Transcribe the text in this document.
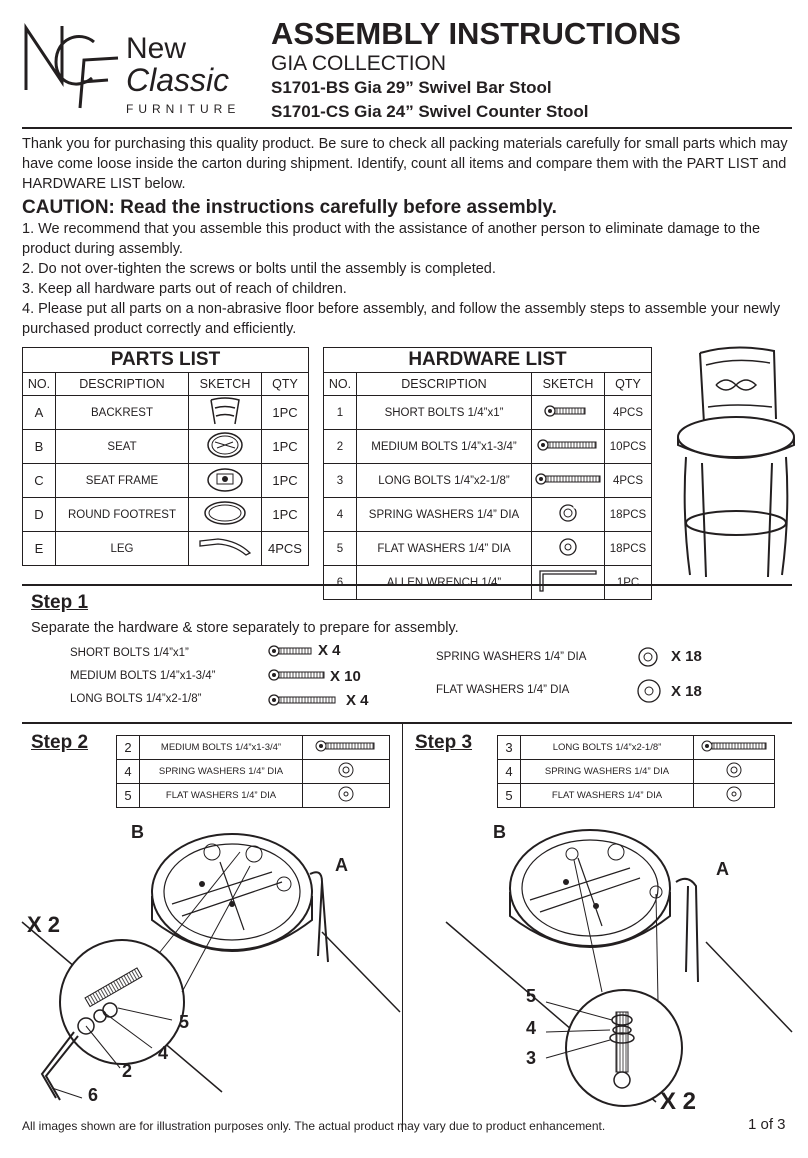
New
Classic
FURNITURE
ASSEMBLY INSTRUCTIONS
GIA COLLECTION
S1701-BS Gia 29” Swivel Bar Stool
S1701-CS Gia 24” Swivel Counter Stool

Thank you for purchasing this quality product. Be sure to check all packing materials carefully for small parts which may have come loose inside the carton during shipment. Identify, count all items and compare them with the PART LIST and HARDWARE LIST below.

CAUTION: Read the instructions carefully before assembly.
1. We recommend that you assemble this product with the assistance of another person to eliminate damage to the product during assembly.
2. Do not over-tighten the screws or bolts until the assembly is completed.
3. Keep all hardware parts out of reach of children.
4. Please put all parts on a non-abrasive floor before assembly, and follow the assembly steps to assemble your newly purchased product correctly and efficiently.
PARTS LIST			
NO.	DESCRIPTION	SKETCH	QTY
A	BACKREST		1PC
B	SEAT		1PC
C	SEAT FRAME		1PC
D	ROUND FOOTREST		1PC
E	LEG		4PCS
HARDWARE LIST			
NO.	DESCRIPTION	SKETCH	QTY
1	SHORT BOLTS 1/4”x1”		4PCS
2	MEDIUM BOLTS 1/4”x1-3/4”		10PCS
3	LONG BOLTS 1/4”x2-1/8”		4PCS
4	SPRING WASHERS 1/4” DIA		18PCS
5	FLAT WASHERS 1/4” DIA		18PCS
6	ALLEN WRENCH 1/4”		1PC
Step 1
Separate the hardware & store separately to prepare for assembly.
SHORT BOLTS 1/4”x1”	X 4
MEDIUM BOLTS 1/4”x1-3/4”	X 10
LONG BOLTS 1/4”x2-1/8”	X 4
SPRING WASHERS 1/4” DIA	X 18
FLAT WASHERS 1/4” DIA	X 18
Step 2	Step 3
2	MEDIUM BOLTS 1/4”x1-3/4”	
4	SPRING WASHERS 1/4” DIA	
5	FLAT WASHERS 1/4” DIA	
3	LONG BOLTS 1/4”x2-1/8”	
4	SPRING WASHERS 1/4” DIA	
5	FLAT WASHERS 1/4” DIA	
B
A
X 2
5
4
2
6
B
A
5
4
3
X 2
All images shown are for illustration purposes only. The actual product may vary due to product enhancement.	1 of 3
